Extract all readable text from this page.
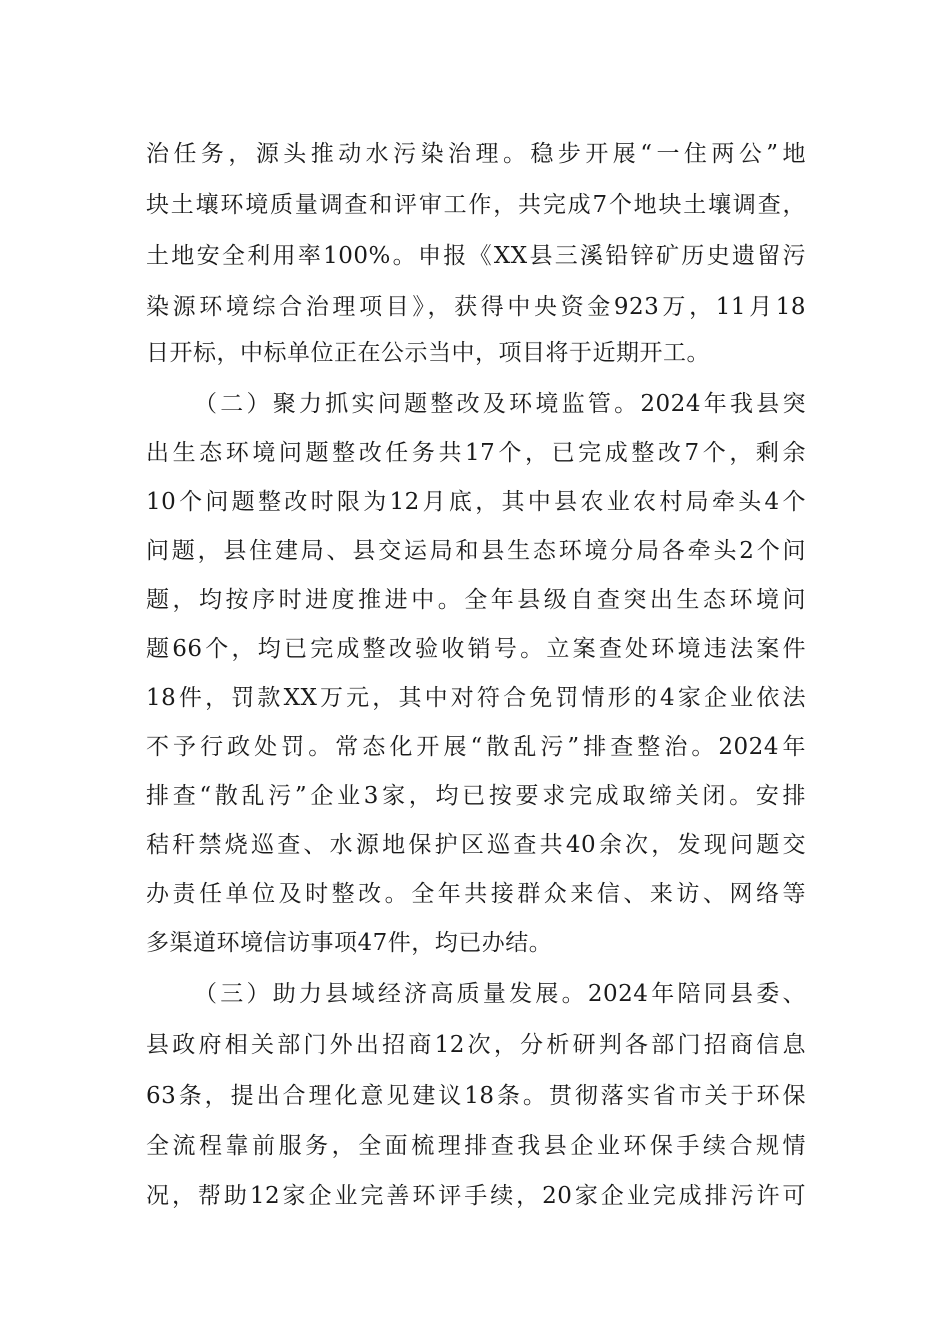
治任务，源头推动水污染治理。稳步开展“一住两公”地
块土壤环境质量调查和评审工作，共完成7个地块土壤调查，
土地安全利用率100%。申报《XX县三溪铅锌矿历史遗留污
染源环境综合治理项目》，获得中央资金923万，11月18
日开标，中标单位正在公示当中，项目将于近期开工。
（二）聚力抓实问题整改及环境监管。2024年我县突
出生态环境问题整改任务共17个，已完成整改7个，剩余
10个问题整改时限为12月底，其中县农业农村局牵头4个
问题，县住建局、县交运局和县生态环境分局各牵头2个问
题，均按序时进度推进中。全年县级自查突出生态环境问
题66个，均已完成整改验收销号。立案查处环境违法案件
18件，罚款XX万元，其中对符合免罚情形的4家企业依法
不予行政处罚。常态化开展“散乱污”排查整治。2024年
排查“散乱污”企业3家，均已按要求完成取缔关闭。安排
秸秆禁烧巡查、水源地保护区巡查共40余次，发现问题交
办责任单位及时整改。全年共接群众来信、来访、网络等
多渠道环境信访事项47件，均已办结。
（三）助力县域经济高质量发展。2024年陪同县委、
县政府相关部门外出招商12次，分析研判各部门招商信息
63条，提出合理化意见建议18条。贯彻落实省市关于环保
全流程靠前服务，全面梳理排查我县企业环保手续合规情
况，帮助12家企业完善环评手续，20家企业完成排污许可
